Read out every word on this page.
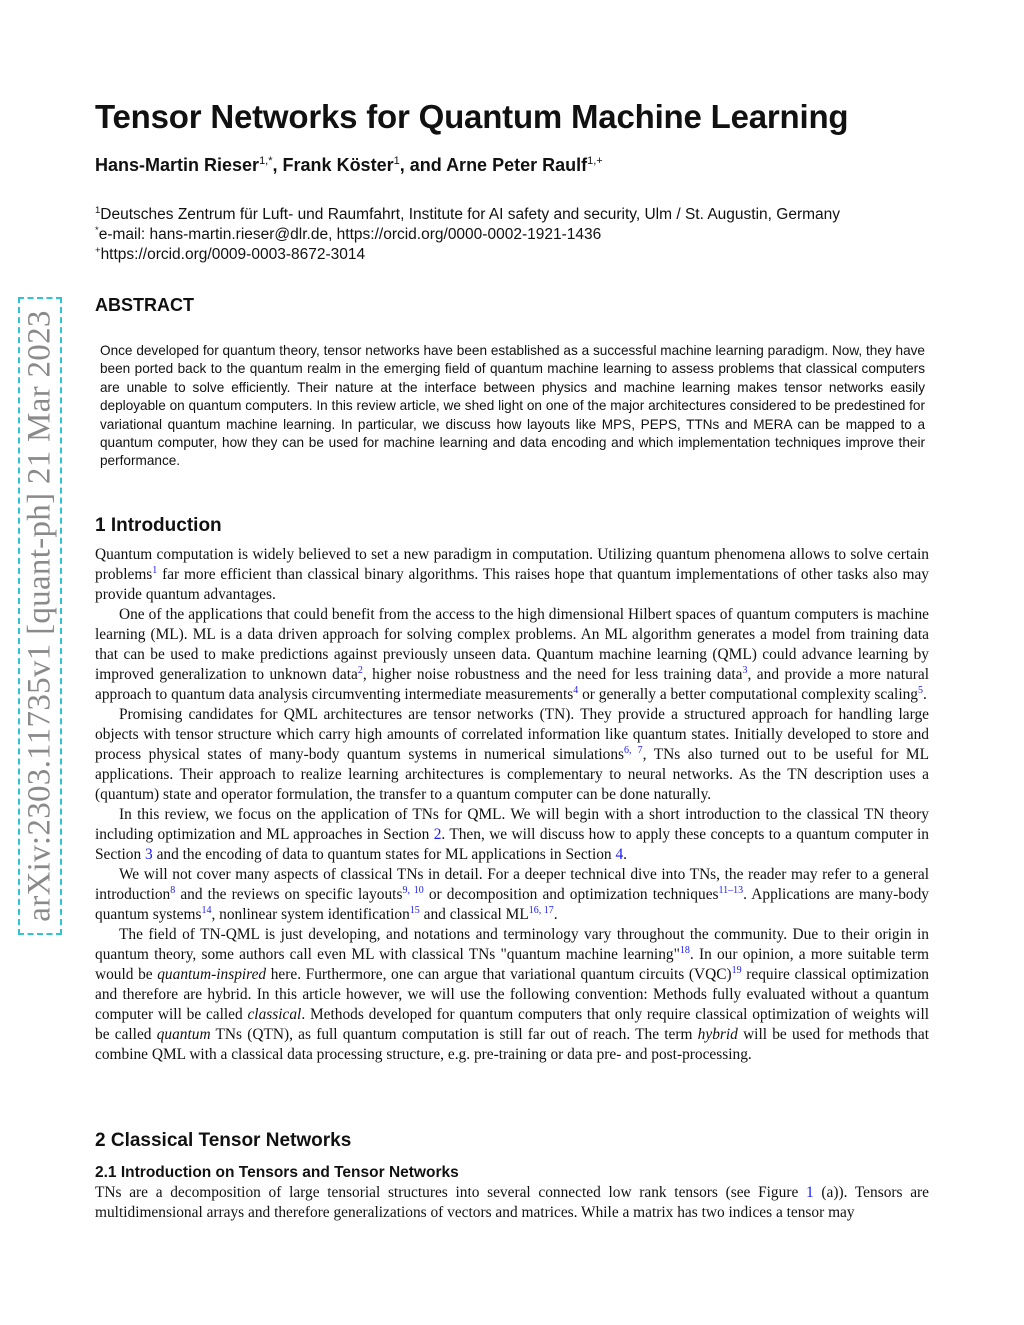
arXiv:2303.11735v1 [quant-ph] 21 Mar 2023
Tensor Networks for Quantum Machine Learning
Hans-Martin Rieser$^{1,*}$, Frank Köster$^1$, and Arne Peter Raulf$^{1,+}$
$^1$Deutsches Zentrum für Luft- und Raumfahrt, Institute for AI safety and security, Ulm / St. Augustin, Germany
*e-mail: hans-martin.rieser@dlr.de, https://orcid.org/0000-0002-1921-1436
+https://orcid.org/0009-0003-8672-3014
ABSTRACT

Once developed for quantum theory, tensor networks have been established as a successful machine learning paradigm. Now, they have been ported back to the quantum realm in the emerging field of quantum machine learning to assess problems that classical computers are unable to solve efficiently. Their nature at the interface between physics and machine learning makes tensor networks easily deployable on quantum computers. In this review article, we shed light on one of the major architectures considered to be predestined for variational quantum machine learning. In particular, we discuss how layouts like MPS, PEPS, TTNs and MERA can be mapped to a quantum computer, how they can be used for machine learning and data encoding and which implementation techniques improve their performance.

1 Introduction

Quantum computation is widely believed to set a new paradigm in computation. Utilizing quantum phenomena allows to solve certain problems$^1$ far more efficient than classical binary algorithms. This raises hope that quantum implementations of other tasks also may provide quantum advantages.

One of the applications that could benefit from the access to the high dimensional Hilbert spaces of quantum computers is machine learning (ML). ML is a data driven approach for solving complex problems. An ML algorithm generates a model from training data that can be used to make predictions against previously unseen data. Quantum machine learning (QML) could advance learning by improved generalization to unknown data$^2$, higher noise robustness and the need for less training data$^3$, and provide a more natural approach to quantum data analysis circumventing intermediate measurements$^4$ or generally a better computational complexity scaling$^5$.

Promising candidates for QML architectures are tensor networks (TN). They provide a structured approach for handling large objects with tensor structure which carry high amounts of correlated information like quantum states. Initially developed to store and process physical states of many-body quantum systems in numerical simulations$^{6, 7}$, TNs also turned out to be useful for ML applications. Their approach to realize learning architectures is complementary to neural networks. As the TN description uses a (quantum) state and operator formulation, the transfer to a quantum computer can be done naturally.

In this review, we focus on the application of TNs for QML. We will begin with a short introduction to the classical TN theory including optimization and ML approaches in Section 2. Then, we will discuss how to apply these concepts to a quantum computer in Section 3 and the encoding of data to quantum states for ML applications in Section 4.

We will not cover many aspects of classical TNs in detail. For a deeper technical dive into TNs, the reader may refer to a general introduction$^8$ and the reviews on specific layouts$^{9, 10}$ or decomposition and optimization techniques$^{11-13}$. Applications are many-body quantum systems$^{14}$, nonlinear system identification$^{15}$ and classical ML$^{16, 17}$.

The field of TN-QML is just developing, and notations and terminology vary throughout the community. Due to their origin in quantum theory, some authors call even ML with classical TNs "quantum machine learning"$^{18}$. In our opinion, a more suitable term would be quantum-inspired here. Furthermore, one can argue that variational quantum circuits (VQC)$^{19}$ require classical optimization and therefore are hybrid. In this article however, we will use the following convention: Methods fully evaluated without a quantum computer will be called classical. Methods developed for quantum computers that only require classical optimization of weights will be called quantum TNs (QTN), as full quantum computation is still far out of reach. The term hybrid will be used for methods that combine QML with a classical data processing structure, e.g. pre-training or data pre- and post-processing.

2 Classical Tensor Networks
2.1 Introduction on Tensors and Tensor Networks

TNs are a decomposition of large tensorial structures into several connected low rank tensors (see Figure 1 (a)). Tensors are multidimensional arrays and therefore generalizations of vectors and matrices. While a matrix has two indices a tensor may
